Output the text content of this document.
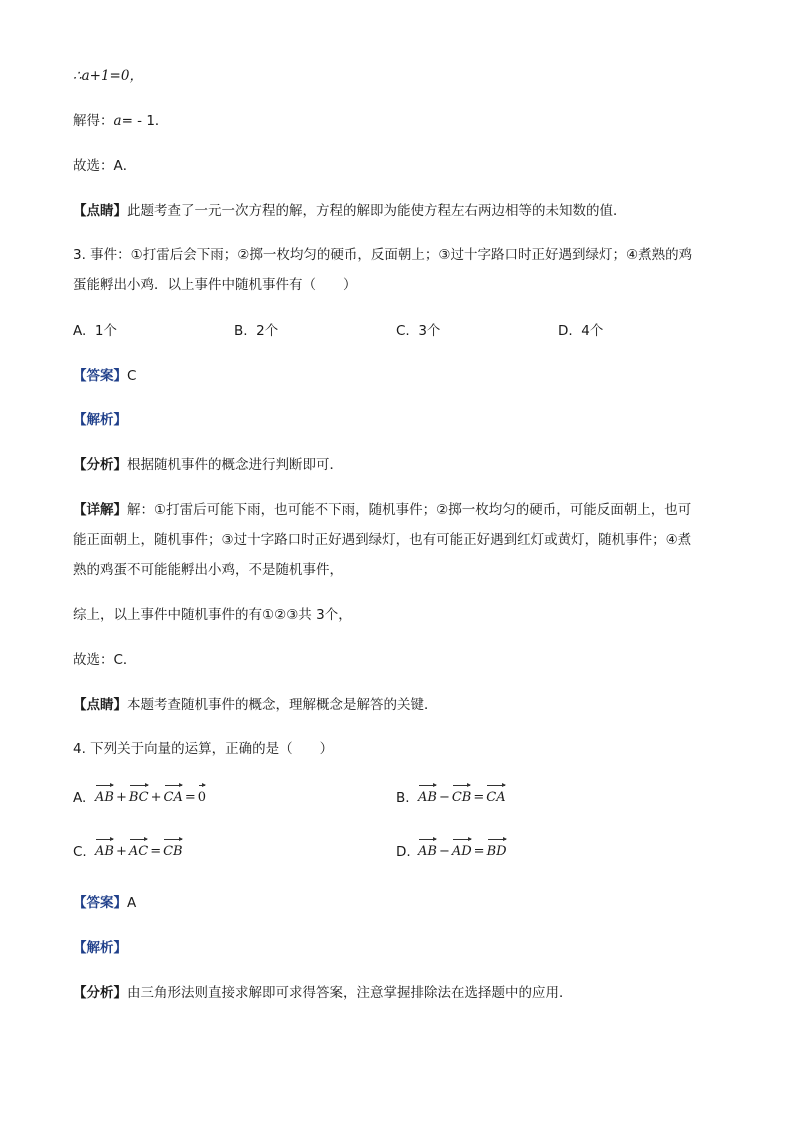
∴a+1=0，
解得：a= - 1．
故选：A．
【点睛】此题考查了一元一次方程的解，方程的解即为能使方程左右两边相等的未知数的值．
3. 事件：①打雷后会下雨；②掷一枚均匀的硬币，反面朝上；③过十字路口时正好遇到绿灯；④煮熟的鸡
蛋能孵出小鸡．以上事件中随机事件有（　　）
A. 1个	B. 2个	C. 3个	D. 4个
【答案】C
【解析】
【分析】根据随机事件的概念进行判断即可．
【详解】解：①打雷后可能下雨，也可能不下雨，随机事件；②掷一枚均匀的硬币，可能反面朝上，也可
能正面朝上，随机事件；③过十字路口时正好遇到绿灯，也有可能正好遇到红灯或黄灯，随机事件；④煮
熟的鸡蛋不可能能孵出小鸡，不是随机事件，
综上，以上事件中随机事件的有①②③共 3个，
故选：C．
【点睛】本题考查随机事件的概念，理解概念是解答的关键．
4. 下列关于向量的运算，正确的是（　　）
A. AB + BC + CA = 0	B. AB − CB = CA
C. AB + AC = CB	D. AB − AD = BD
【答案】A
【解析】
【分析】由三角形法则直接求解即可求得答案，注意掌握排除法在选择题中的应用．
